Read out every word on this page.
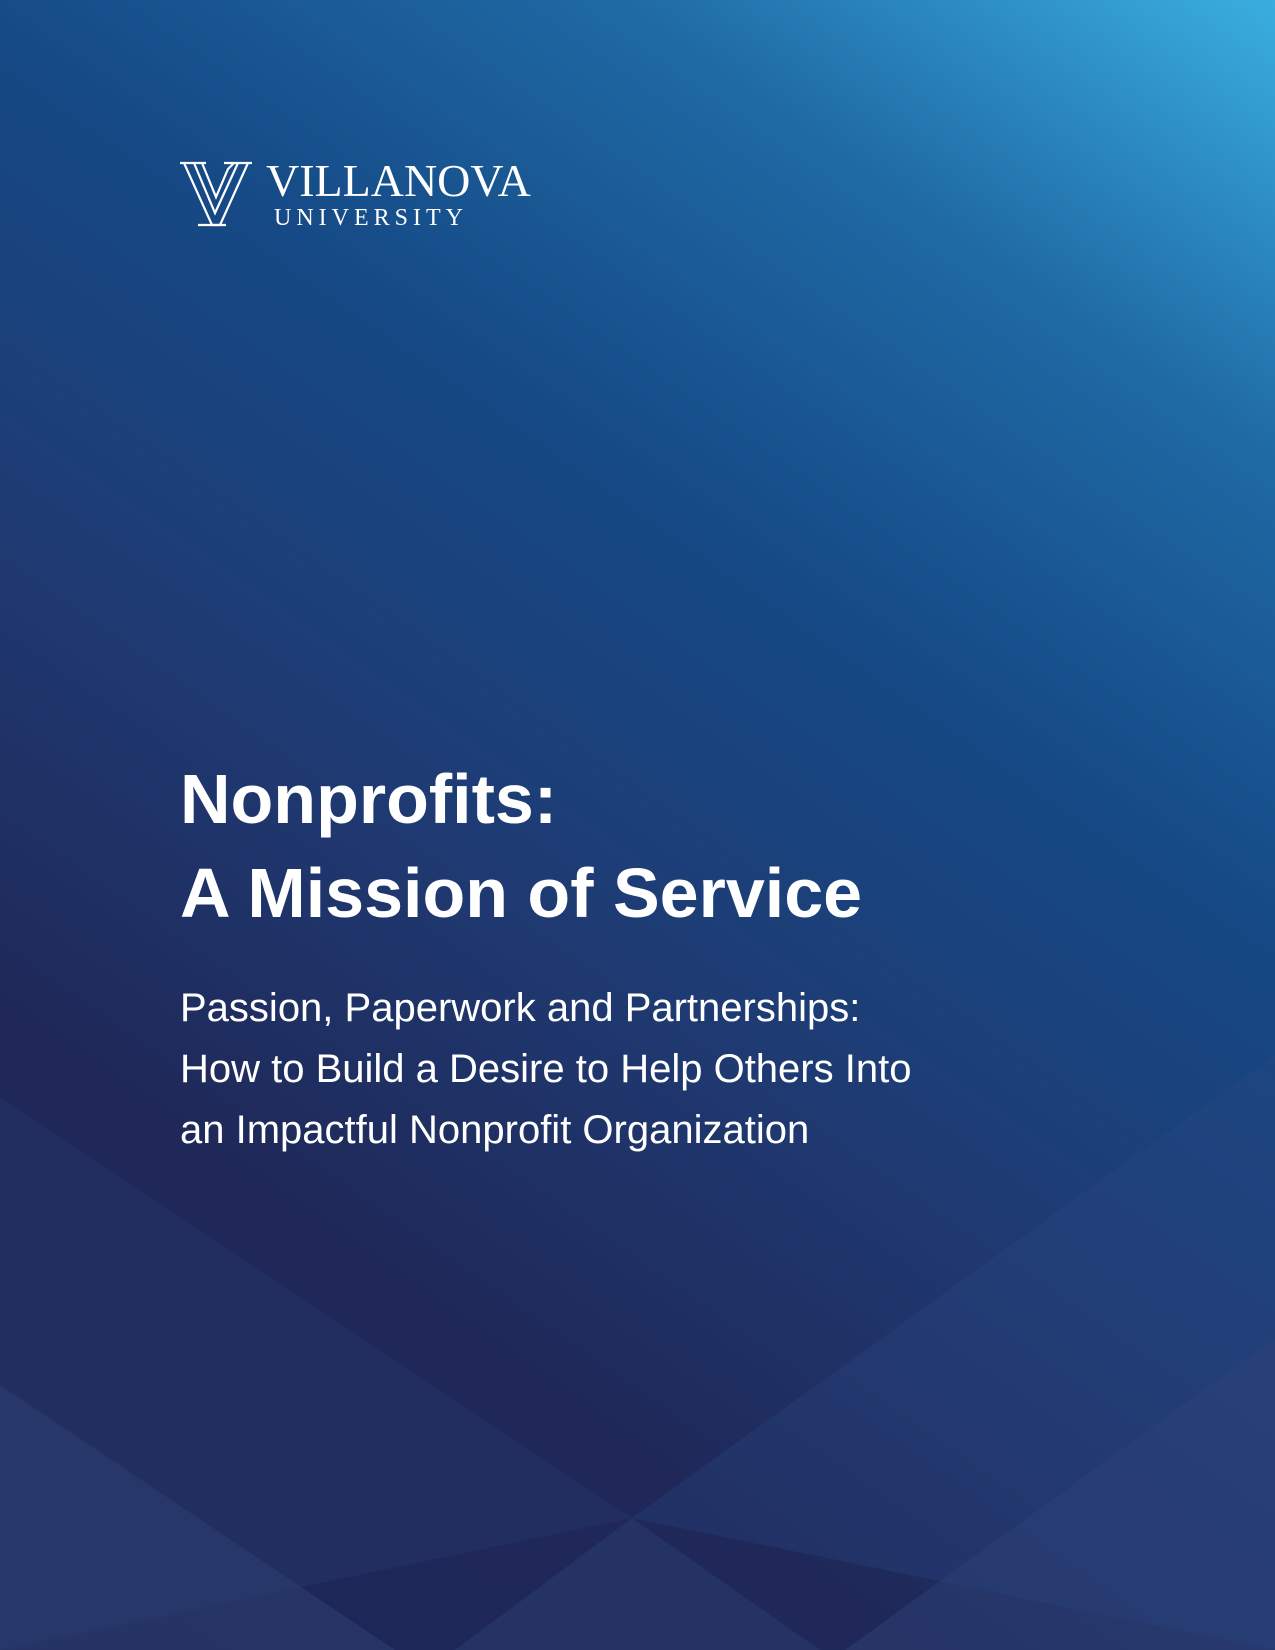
VILLANOVA
UNIVERSITY
Nonprofits:
A Mission of Service
Passion, Paperwork and Partnerships:
How to Build a Desire to Help Others Into
an Impactful Nonprofit Organization
